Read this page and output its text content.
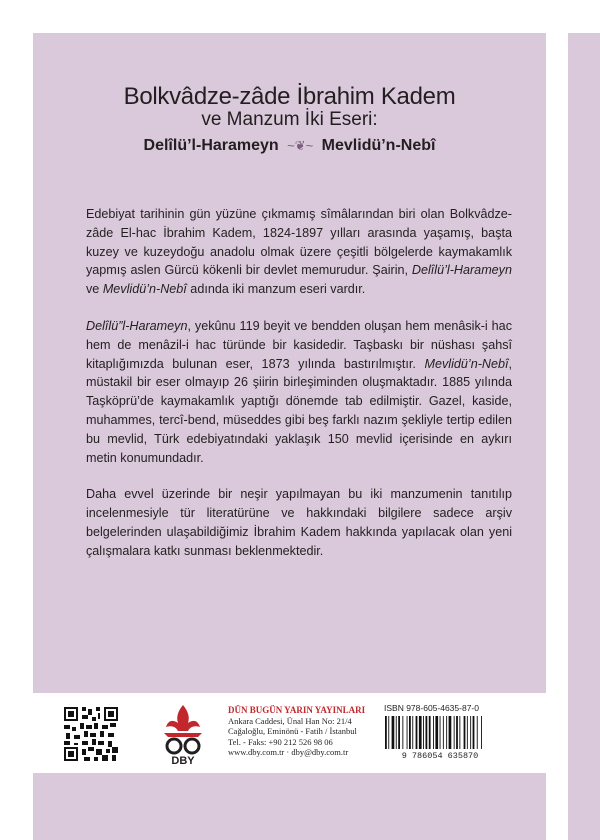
Bolkvâdze-zâde İbrahim Kadem
ve Manzum İki Eseri:
Delîlü’l-Harameyn ~❦~ Mevlidü’n-Nebî

Edebiyat tarihinin gün yüzüne çıkmamış sîmâlarından biri olan Bolkvâdze-zâde El-hac İbrahim Kadem, 1824-1897 yılları arasında yaşamış, başta kuzey ve kuzeydoğu anadolu olmak üzere çeşitli bölgelerde kaymakamlık yapmış aslen Gürcü kökenli bir devlet memurudur. Şairin, Delîlü’l-Harameyn ve Mevlidü’n-Nebî adında iki manzum eseri vardır.

Delîlü”l-Harameyn, yekûnu 119 beyit ve bendden oluşan hem menâsik-i hac hem de menâzil-i hac türünde bir kasidedir. Taşbaskı bir nüshası şahsî kitaplığımızda bulunan eser, 1873 yılında bastırılmıştır. Mevlidü’n-Nebî, müstakil bir eser olmayıp 26 şiirin birleşiminden oluşmaktadır. 1885 yılında Taşköprü’de kaymakamlık yaptığı dönemde tab edilmiştir. Gazel, kaside, muhammes, tercî-bend, müseddes gibi beş farklı nazım şekliyle tertip edilen bu mevlid, Türk edebiyatındaki yaklaşık 150 mevlid içerisinde en aykırı metin konumundadır.

Daha evvel üzerinde bir neşir yapılmayan bu iki manzumenin tanıtılıp incelenmesiyle tür literatürüne ve hakkındaki bilgilere sadece arşiv belgelerinden ulaşabildiğimiz İbrahim Kadem hakkında yapılacak olan yeni çalışmalara katkı sunması beklenmektedir.

DBY
DÜN BUGÜN YARIN YAYINLARI
Ankara Caddesi, Ünal Han No: 21/4
Cağaloğlu, Eminönü - Fatih / İstanbul
Tel. - Faks: +90 212 526 98 06
www.dby.com.tr · dby@dby.com.tr
ISBN 978-605-4635-87-0
9 786054 635870
